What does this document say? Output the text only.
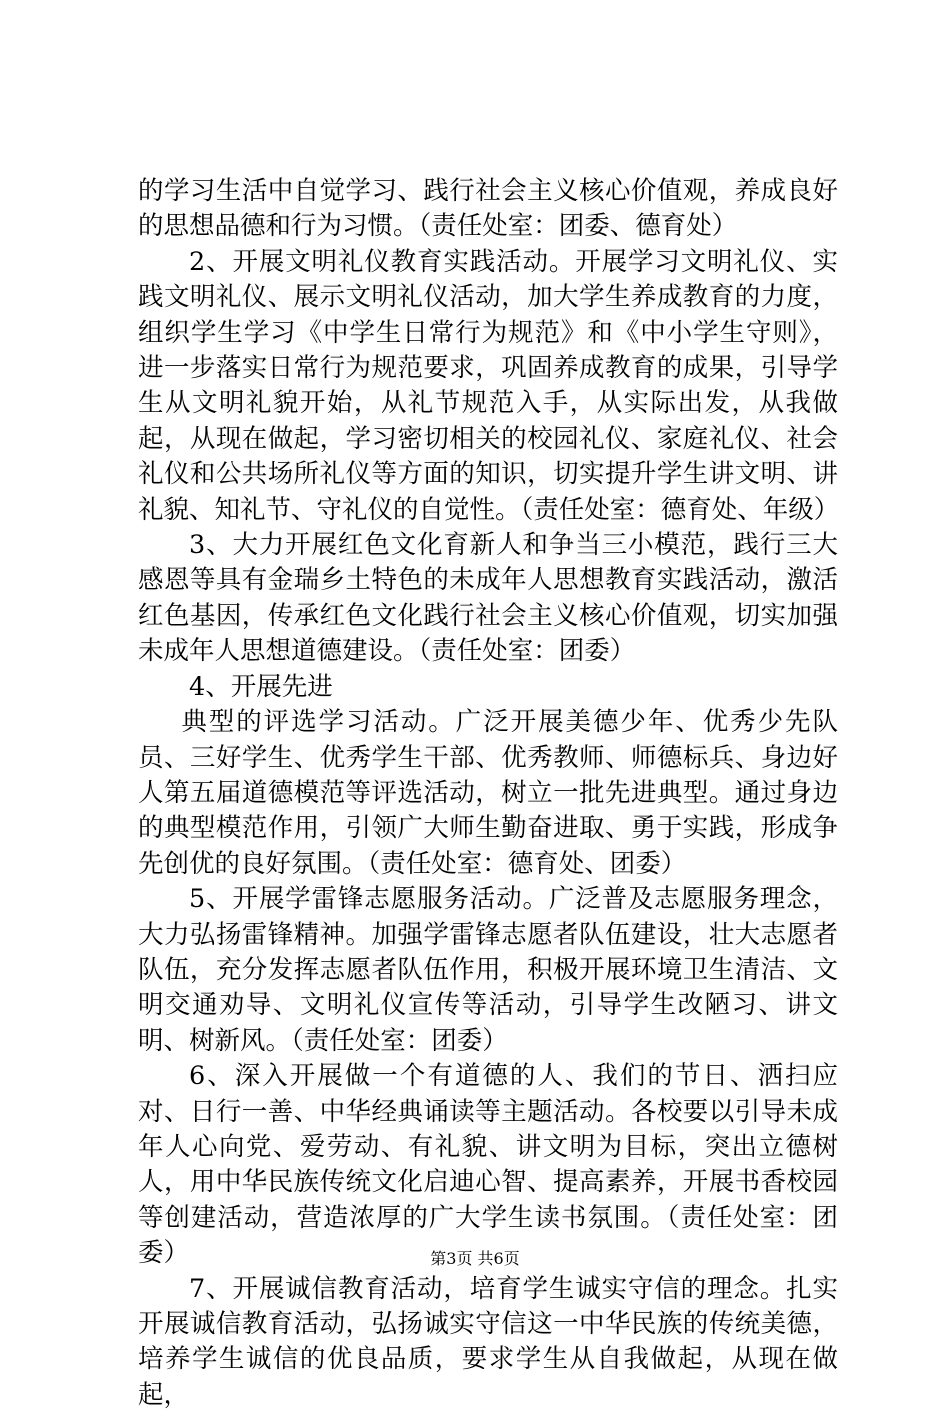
的学习生活中自觉学习、践行社会主义核心价值观，养成良好的思想品德和行为习惯。（责任处室：团委、德育处）

2、开展文明礼仪教育实践活动。开展学习文明礼仪、实践文明礼仪、展示文明礼仪活动，加大学生养成教育的力度，组织学生学习《中学生日常行为规范》和《中小学生守则》，进一步落实日常行为规范要求，巩固养成教育的成果，引导学生从文明礼貌开始，从礼节规范入手，从实际出发，从我做起，从现在做起，学习密切相关的校园礼仪、家庭礼仪、社会礼仪和公共场所礼仪等方面的知识，切实提升学生讲文明、讲礼貌、知礼节、守礼仪的自觉性。（责任处室：德育处、年级）

3、大力开展红色文化育新人和争当三小模范，践行三大感恩等具有金瑞乡土特色的未成年人思想教育实践活动，激活红色基因，传承红色文化践行社会主义核心价值观，切实加强未成年人思想道德建设。（责任处室：团委）

4、开展先进

典型的评选学习活动。广泛开展美德少年、优秀少先队员、三好学生、优秀学生干部、优秀教师、师德标兵、身边好人第五届道德模范等评选活动，树立一批先进典型。通过身边的典型模范作用，引领广大师生勤奋进取、勇于实践，形成争先创优的良好氛围。（责任处室：德育处、团委）

5、开展学雷锋志愿服务活动。广泛普及志愿服务理念，大力弘扬雷锋精神。加强学雷锋志愿者队伍建设，壮大志愿者队伍，充分发挥志愿者队伍作用，积极开展环境卫生清洁、文明交通劝导、文明礼仪宣传等活动，引导学生改陋习、讲文明、树新风。（责任处室：团委）

6、深入开展做一个有道德的人、我们的节日、洒扫应对、日行一善、中华经典诵读等主题活动。各校要以引导未成年人心向党、爱劳动、有礼貌、讲文明为目标，突出立德树人，用中华民族传统文化启迪心智、提高素养，开展书香校园等创建活动，营造浓厚的广大学生读书氛围。（责任处室：团委）

7、开展诚信教育活动，培育学生诚实守信的理念。扎实开展诚信教育活动，弘扬诚实守信这一中华民族的传统美德，培养学生诚信的优良品质，要求学生从自我做起，从现在做起，

第3页 共6页
